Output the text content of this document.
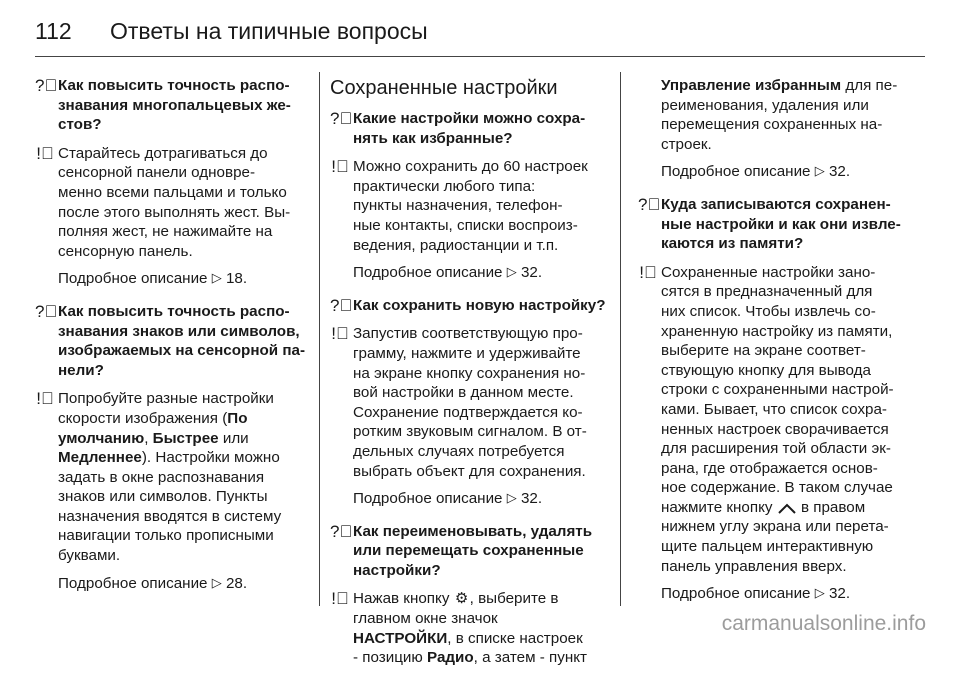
112 Ответы на типичные вопросы
?⃝ Как повысить точность распо-
знавания многопальцевых же-
стов?
!⃝ Старайтесь дотрагиваться до
сенсорной панели одновре-
менно всеми пальцами и только
после этого выполнять жест. Вы-
полняя жест, не нажимайте на
сенсорную панель.
Подробное описание ▷ 18.
?⃝ Как повысить точность распо-
знавания знаков или символов,
изображаемых на сенсорной па-
нели?
!⃝ Попробуйте разные настройки
скорости изображения (По
умолчанию, Быстрее или
Медленнее). Настройки можно
задать в окне распознавания
знаков или символов. Пункты
назначения вводятся в систему
навигации только прописными
буквами.
Подробное описание ▷ 28.
Сохраненные настройки
?⃝ Какие настройки можно сохра-
нять как избранные?
!⃝ Можно сохранить до 60 настроек
практически любого типа:
пункты назначения, телефон-
ные контакты, списки воспроиз-
ведения, радиостанции и т.п.
Подробное описание ▷ 32.
?⃝ Как сохранить новую настройку?
!⃝ Запустив соответствующую про-
грамму, нажмите и удерживайте
на экране кнопку сохранения но-
вой настройки в данном месте.
Сохранение подтверждается ко-
ротким звуковым сигналом. В от-
дельных случаях потребуется
выбрать объект для сохранения.
Подробное описание ▷ 32.
?⃝ Как переименовывать, удалять
или перемещать сохраненные
настройки?
!⃝ Нажав кнопку ⚙, выберите в
главном окне значок
НАСТРОЙКИ, в списке настроек
- позицию Радио, а затем - пункт
Управление избранным для пе-
реименования, удаления или
перемещения сохраненных на-
строек.
Подробное описание ▷ 32.
?⃝ Куда записываются сохранен-
ные настройки и как они извле-
каются из памяти?
!⃝ Сохраненные настройки зано-
сятся в предназначенный для
них список. Чтобы извлечь со-
храненную настройку из памяти,
выберите на экране соответ-
ствующую кнопку для вывода
строки с сохраненными настрой-
ками. Бывает, что список сохра-
ненных настроек сворачивается
для расширения той области эк-
рана, где отображается основ-
ное содержание. В таком случае
нажмите кнопку  в правом
нижнем углу экрана или перета-
щите пальцем интерактивную
панель управления вверх.
Подробное описание ▷ 32.
carmanualsonline.info
